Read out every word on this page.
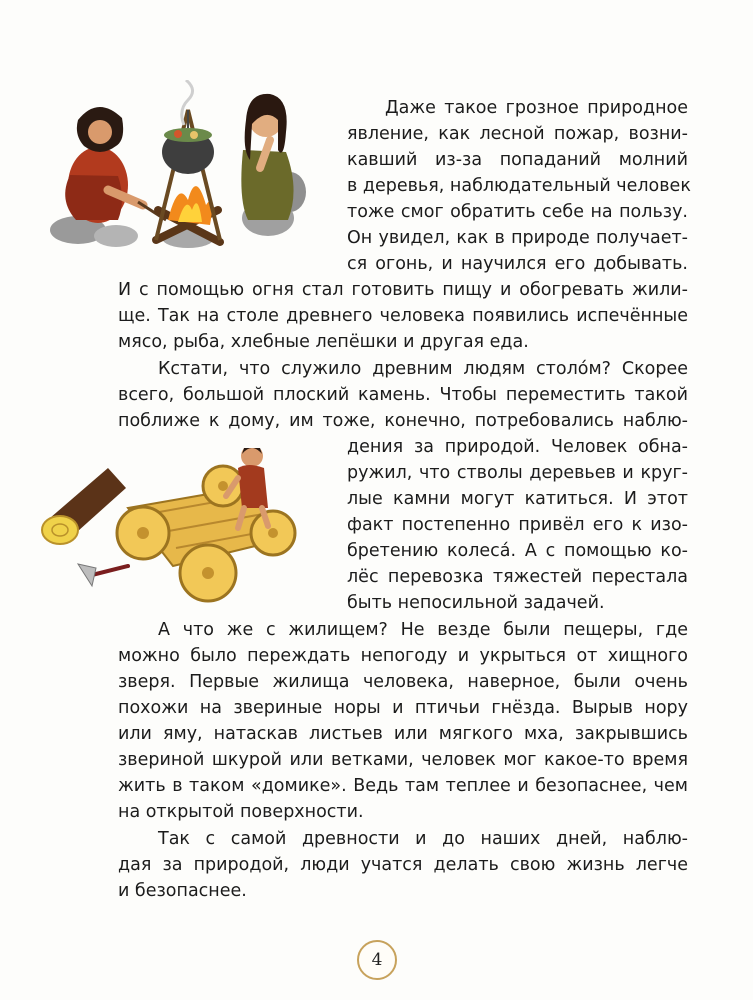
Даже такое грозное природное
явление, как лесной пожар, возни-
кавший из-за попаданий молний
в деревья, наблюдательный человек
тоже смог обратить себе на пользу.
Он увидел, как в природе получает-
ся огонь, и научился его добывать.
И с помощью огня стал готовить пищу и обогревать жили-
ще. Так на столе древнего человека появились испечённые
мясо, рыба, хлебные лепёшки и другая еда.
Кстати, что служило древним людям столо́м? Скорее
всего, большой плоский камень. Чтобы переместить такой
поближе к дому, им тоже, конечно, потребовались наблю-
дения за природой. Человек обна-
ружил, что стволы деревьев и круг-
лые камни могут катиться. И этот
факт постепенно привёл его к изо-
бретению колеса́. А с помощью ко-
лёс перевозка тяжестей перестала
быть непосильной задачей.
А что же с жилищем? Не везде были пещеры, где
можно было переждать непогоду и укрыться от хищного
зверя. Первые жилища человека, наверное, были очень
похожи на звериные норы и птичьи гнёзда. Вырыв нору
или яму, натаскав листьев или мягкого мха, закрывшись
звериной шкурой или ветками, человек мог какое-то время
жить в таком «домике». Ведь там теплее и безопаснее, чем
на открытой поверхности.
Так с самой древности и до наших дней, наблю-
дая за природой, люди учатся делать свою жизнь легче
и безопаснее.
4
